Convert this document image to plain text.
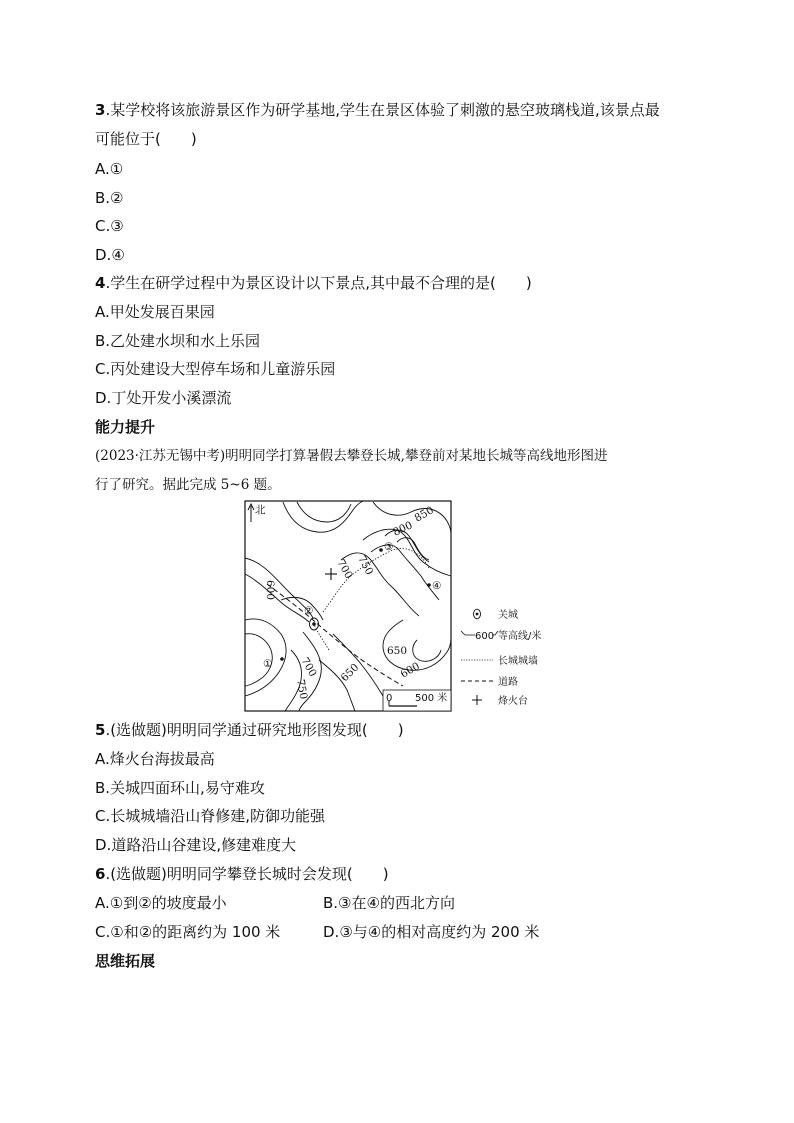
3.某学校将该旅游景区作为研学基地,学生在景区体验了刺激的悬空玻璃栈道,该景点最
可能位于(　　)
A.①
B.②
C.③
D.④
4.学生在研学过程中为景区设计以下景点,其中最不合理的是(　　)
A.甲处发展百果园
B.乙处建水坝和水上乐园
C.丙处建设大型停车场和儿童游乐园
D.丁处开发小溪漂流
能力提升
(2023·江苏无锡中考)明明同学打算暑假去攀登长城,攀登前对某地长城等高线地形图进
行了研究。据此完成 5~6 题。
北
600
700 750
800
850
650
650	600
700
750
②
③
④
①
0 500 米
关城
600 等高线/米
长城城墙
道路
烽火台
5.(选做题)明明同学通过研究地形图发现(　　)
A.烽火台海拔最高
B.关城四面环山,易守难攻
C.长城城墙沿山脊修建,防御功能强
D.道路沿山谷建设,修建难度大
6.(选做题)明明同学攀登长城时会发现(　　)
A.①到②的坡度最小	B.③在④的西北方向
C.①和②的距离约为 100 米	D.③与④的相对高度约为 200 米
思维拓展
